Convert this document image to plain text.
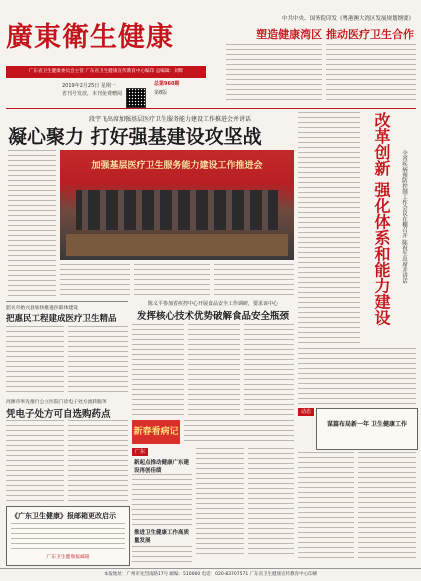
廣東衛生健康
广东省卫生健康委员会主管 广东省卫生健康宣传教育中心编印 总编辑：刘辉
2019年2月25日 星期一
省刊号发放，本刊免费赠阅
总第960期
第8版
中共中央、国务院印发《粤港澳大湾区发展规划纲要》
塑造健康湾区 推动医疗卫生合作
段宇飞出席加强基层医疗卫生服务能力建设工作推进会并讲话
凝心聚力 打好强基建设攻坚战
加强基层医疗卫生服务能力建设工作推进会	改革创新 强化体系和能力建设 全省疾病预防控制工作会议在穗召开 陈祝生出席并讲话
韶关市始兴县加快推进医联体建设
把惠民工程建成医疗卫生精品
河源市率先推行公立医院门诊电子处方流转服务
凭电子处方可自选购药点
陈义平参加省疾控中心开展食品安全工作调研，要求该中心
发挥核心技术优势破解食品安全瓶颈
《广东卫生健康》报邮箱更改启示
广东卫生健康报邮箱
新春看病记
广东
新起点推动健康广东建设再创佳绩
推进卫生健康工作高质量发展
动态
谋篇布局新一年 卫生健康工作
本报地址：广州市先烈南路17号 邮编：510060 电话：020-83707571 广东省卫生健康宣传教育中心印刷
